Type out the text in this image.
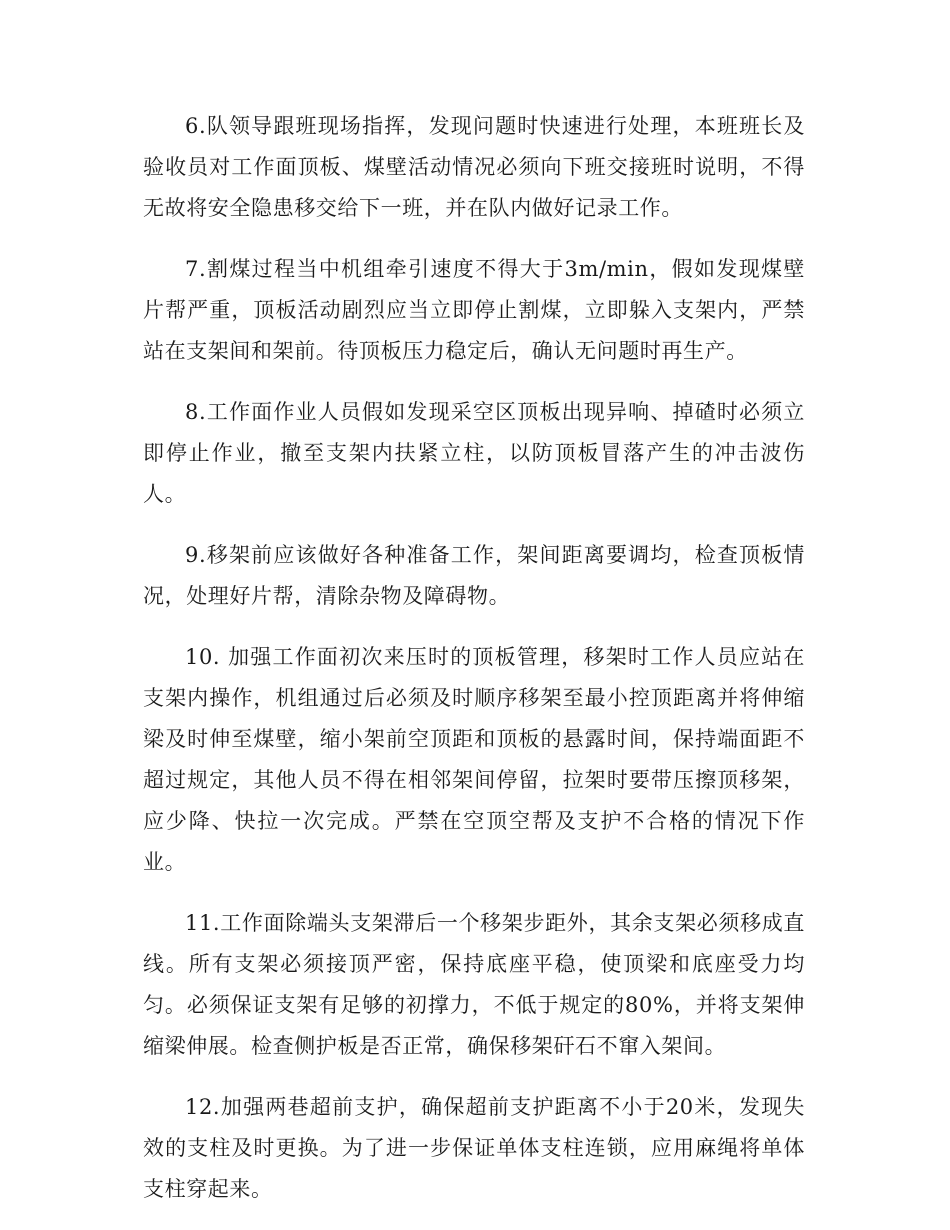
6.队领导跟班现场指挥，发现问题时快速进行处理，本班班长及验收员对工作面顶板、煤壁活动情况必须向下班交接班时说明，不得无故将安全隐患移交给下一班，并在队内做好记录工作。

7.割煤过程当中机组牵引速度不得大于3m/min，假如发现煤壁片帮严重，顶板活动剧烈应当立即停止割煤，立即躲入支架内，严禁站在支架间和架前。待顶板压力稳定后，确认无问题时再生产。

8.工作面作业人员假如发现采空区顶板出现异响、掉碴时必须立即停止作业，撤至支架内扶紧立柱，以防顶板冒落产生的冲击波伤人。

9.移架前应该做好各种准备工作，架间距离要调均，检查顶板情况，处理好片帮，清除杂物及障碍物。

10. 加强工作面初次来压时的顶板管理，移架时工作人员应站在支架内操作，机组通过后必须及时顺序移架至最小控顶距离并将伸缩梁及时伸至煤壁，缩小架前空顶距和顶板的悬露时间，保持端面距不超过规定，其他人员不得在相邻架间停留，拉架时要带压擦顶移架，应少降、快拉一次完成。严禁在空顶空帮及支护不合格的情况下作业。

11.工作面除端头支架滞后一个移架步距外，其余支架必须移成直线。所有支架必须接顶严密，保持底座平稳，使顶梁和底座受力均匀。必须保证支架有足够的初撑力，不低于规定的80%，并将支架伸缩梁伸展。检查侧护板是否正常，确保移架矸石不窜入架间。

12.加强两巷超前支护，确保超前支护距离不小于20米，发现失效的支柱及时更换。为了进一步保证单体支柱连锁，应用麻绳将单体支柱穿起来。
